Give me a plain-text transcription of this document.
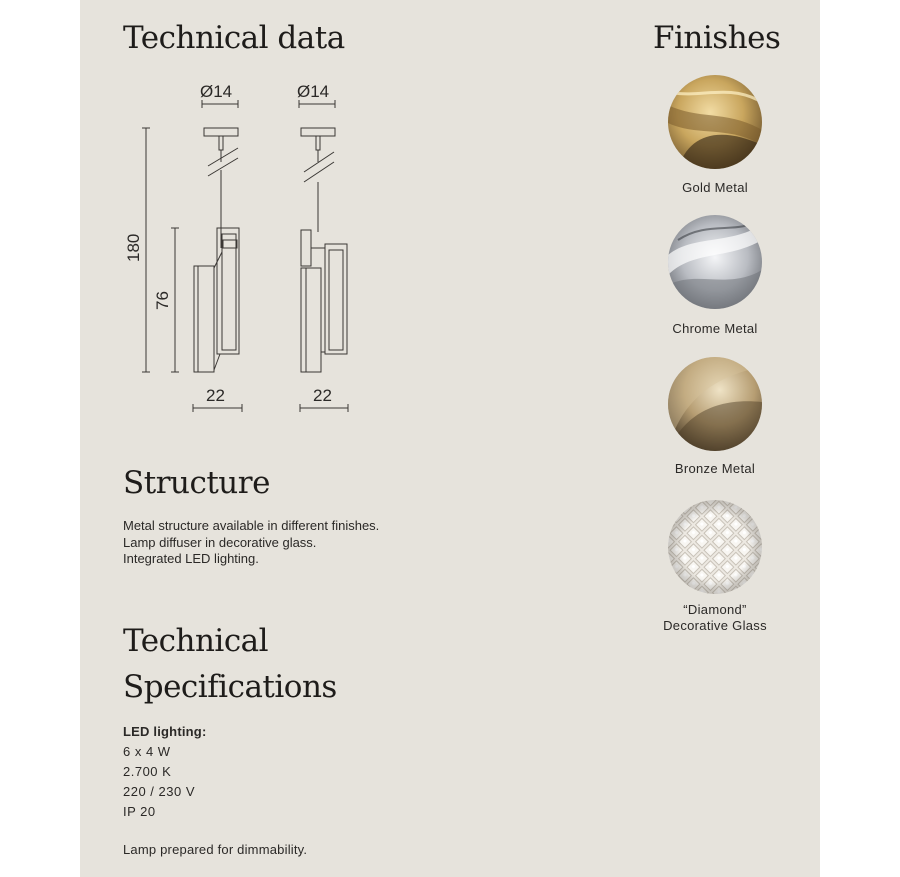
Technical data	Finishes
Ø14	Ø14
180
76
22	22
Structure
Metal structure available in different finishes.
Lamp diffuser in decorative glass.
Integrated LED lighting.
Technical
Specifications
LED lighting:
6 x 4 W
2.700 K
220 / 230 V
IP 20
Lamp prepared for dimmability.
Gold Metal
Chrome Metal
Bronze Metal
“Diamond”
Decorative Glass
